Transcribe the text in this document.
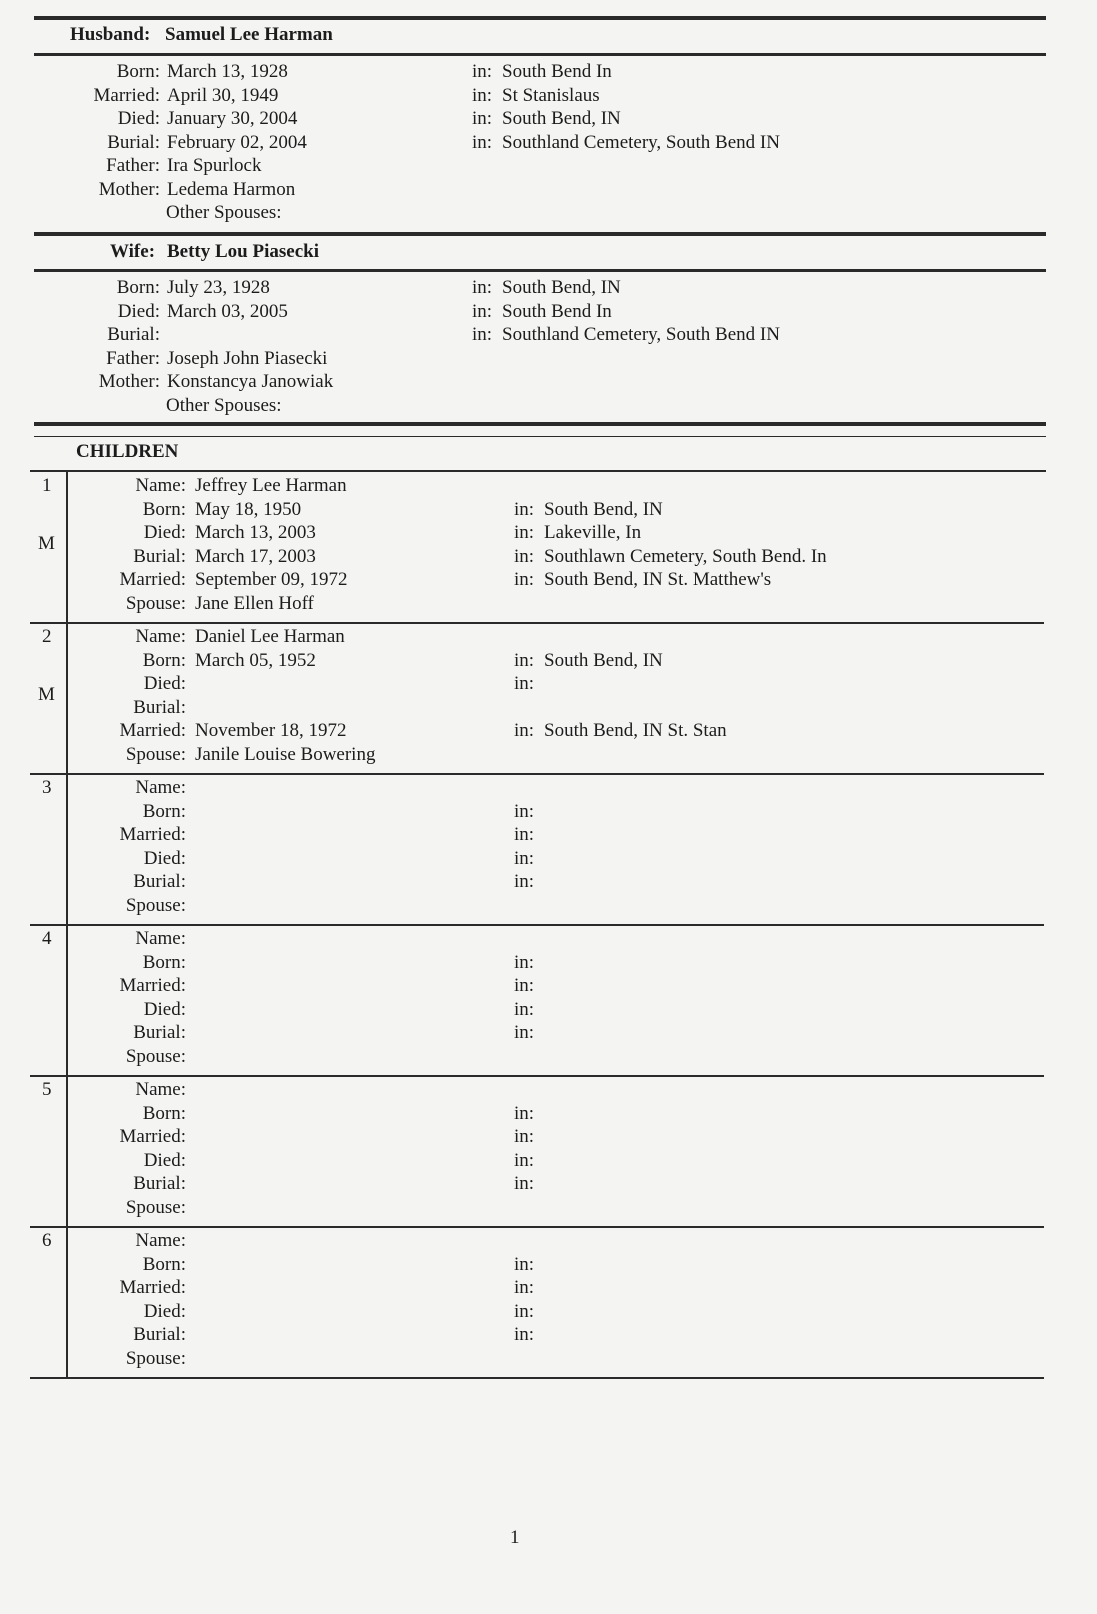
Husband: Samuel Lee Harman
Born: March 13, 1928	in: South Bend In
Married: April 30, 1949	in: St Stanislaus
Died: January 30, 2004	in: South Bend, IN
Burial: February 02, 2004	in: Southland Cemetery, South Bend IN
Father: Ira Spurlock
Mother: Ledema Harmon
Other Spouses:
Wife: Betty Lou Piasecki
Born: July 23, 1928	in: South Bend, IN
Died: March 03, 2005	in: South Bend In
Burial:	in: Southland Cemetery, South Bend IN
Father: Joseph John Piasecki
Mother: Konstancya Janowiak
Other Spouses:
CHILDREN
1
M
Name: Jeffrey Lee Harman
Born: May 18, 1950	in: South Bend, IN
Died: March 13, 2003	in: Lakeville, In
Burial: March 17, 2003	in: Southlawn Cemetery, South Bend. In
Married: September 09, 1972	in: South Bend, IN St. Matthew's
Spouse: Jane Ellen Hoff
2
M
Name: Daniel Lee Harman
Born: March 05, 1952	in: South Bend, IN
Died:	in:
Burial:
Married: November 18, 1972	in: South Bend, IN St. Stan
Spouse: Janile Louise Bowering
3	Name:
Born:	in:
Married:	in:
Died:	in:
Burial:	in:
Spouse:
4	Name:
Born:	in:
Married:	in:
Died:	in:
Burial:	in:
Spouse:
5	Name:
Born:	in:
Married:	in:
Died:	in:
Burial:	in:
Spouse:
6	Name:
Born:	in:
Married:	in:
Died:	in:
Burial:	in:
Spouse:
1
